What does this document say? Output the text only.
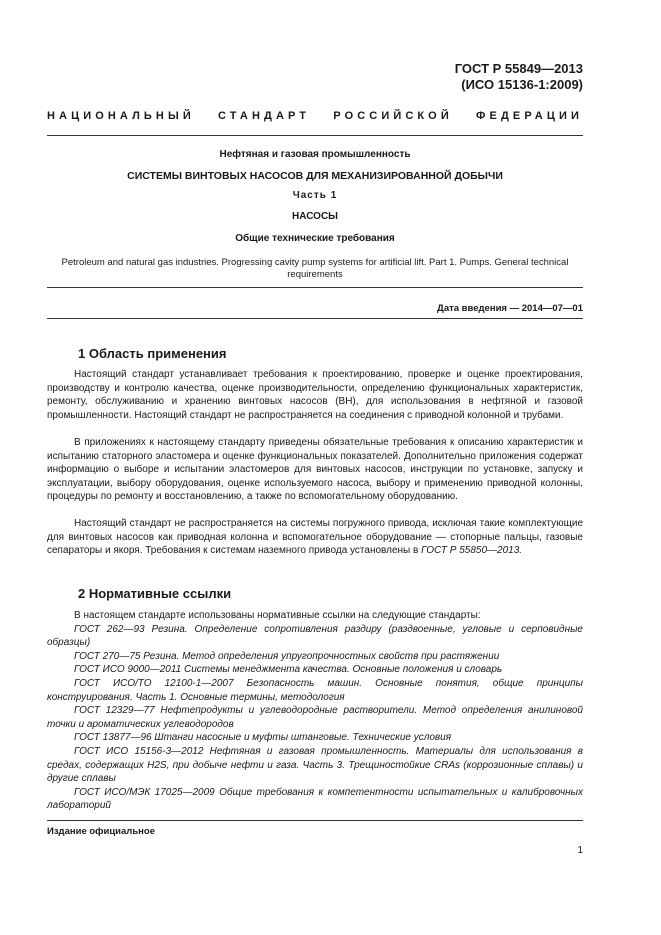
ГОСТ Р 55849—2013
(ИСО 15136-1:2009)
НАЦИОНАЛЬНЫЙ СТАНДАРТ РОССИЙСКОЙ ФЕДЕРАЦИИ
Нефтяная и газовая промышленность
СИСТЕМЫ ВИНТОВЫХ НАСОСОВ ДЛЯ МЕХАНИЗИРОВАННОЙ ДОБЫЧИ
Часть 1
НАСОСЫ
Общие технические требования
Petroleum and natural gas industries. Progressing cavity pump systems for artificial lift. Part 1. Pumps. General technical requirements
Дата введения — 2014—07—01
1 Область применения
Настоящий стандарт устанавливает требования к проектированию, проверке и оценке проектирования, производству и контролю качества, оценке производительности, определению функциональных характеристик, ремонту, обслуживанию и хранению винтовых насосов (ВН), для использования в нефтяной и газовой промышленности. Настоящий стандарт не распространяется на соединения с приводной колонной и трубами.
В приложениях к настоящему стандарту приведены обязательные требования к описанию характеристик и испытанию статорного эластомера и оценке функциональных показателей. Дополнительно приложения содержат информацию о выборе и испытании эластомеров для винтовых насосов, инструкции по установке, запуску и эксплуатации, выбору оборудования, оценке используемого насоса, выбору и применению приводной колонны, процедуры по ремонту и восстановлению, а также по вспомогательному оборудованию.
Настоящий стандарт не распространяется на системы погружного привода, исключая такие комплектующие для винтовых насосов как приводная колонна и вспомогательное оборудование — стопорные пальцы, газовые сепараторы и якоря. Требования к системам наземного привода установлены в ГОСТ Р 55850—2013.
2 Нормативные ссылки
В настоящем стандарте использованы нормативные ссылки на следующие стандарты:
ГОСТ 262—93 Резина. Определение сопротивления раздиру (раздвоенные, угловые и серповидные образцы)
ГОСТ 270—75 Резина. Метод определения упругопрочностных свойств при растяжении
ГОСТ ИСО 9000—2011 Системы менеджмента качества. Основные положения и словарь
ГОСТ ИСО/ТО 12100-1—2007 Безопасность машин. Основные понятия, общие принципы конструирования. Часть 1. Основные термины, методология
ГОСТ 12329—77 Нефтепродукты и углеводородные растворители. Метод определения анилиновой точки и ароматических углеводородов
ГОСТ 13877—96 Штанги насосные и муфты штанговые. Технические условия
ГОСТ ИСО 15156-3—2012 Нефтяная и газовая промышленность. Материалы для использования в средах, содержащих H2S, при добыче нефти и газа. Часть 3. Трещиностойкие CRAs (коррозионные сплавы) и другие сплавы
ГОСТ ИСО/МЭК 17025—2009 Общие требования к компетентности испытательных и калибровочных лабораторий
Издание официальное
1
